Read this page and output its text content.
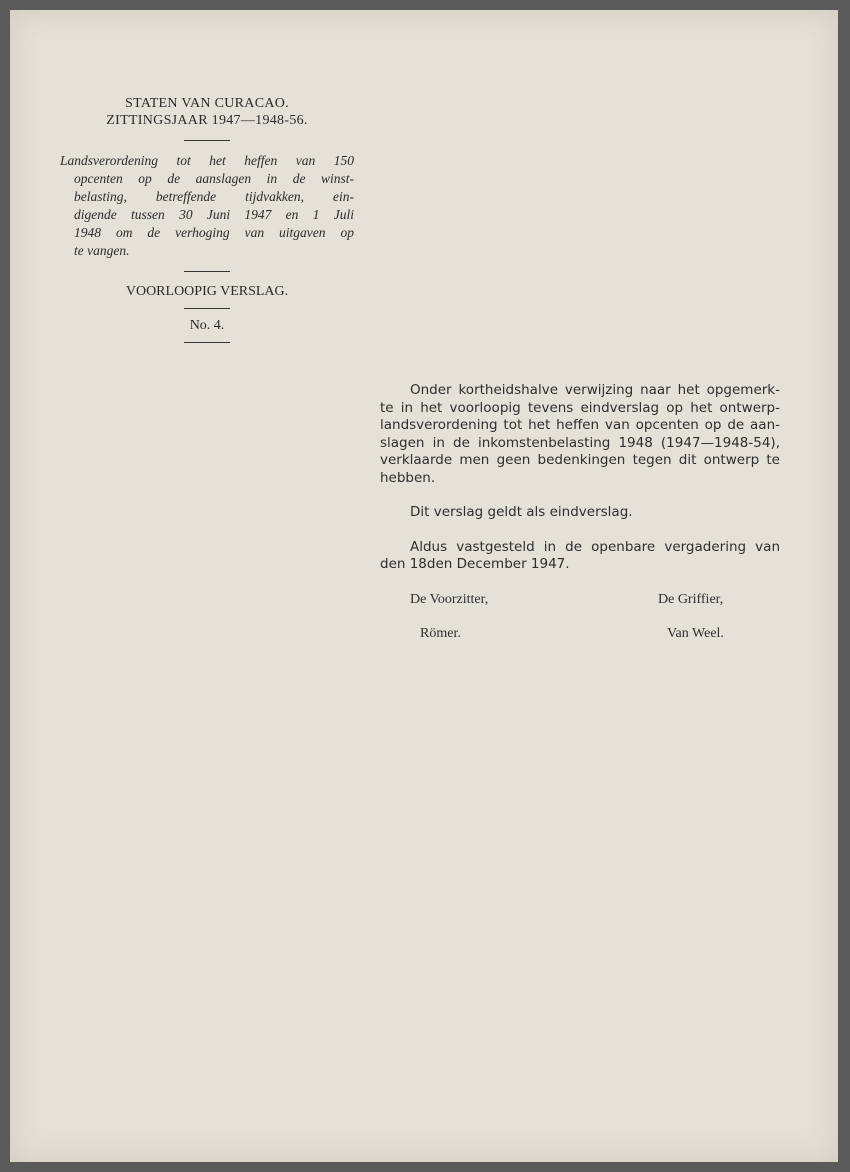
STATEN VAN CURACAO.
ZITTINGSJAAR 1947—1948-56.
Landsverordening tot het heffen van 150
opcenten op de aanslagen in de winst-
belasting, betreffende tijdvakken, ein-
digende tussen 30 Juni 1947 en 1 Juli
1948 om de verhoging van uitgaven op
te vangen.
VOORLOOPIG VERSLAG.
No. 4.
Onder kortheidshalve verwijzing naar het opgemerk-
te in het voorloopig tevens eindverslag op het ontwerp-
landsverordening tot het heffen van opcenten op de aan-
slagen in de inkomstenbelasting 1948 (1947—1948-54),
verklaarde men geen bedenkingen tegen dit ontwerp te
hebben.
Dit verslag geldt als eindverslag.
Aldus vastgesteld in de openbare vergadering van
den 18den December 1947.
De Voorzitter,	De Griffier,
Römer.	Van Weel.
